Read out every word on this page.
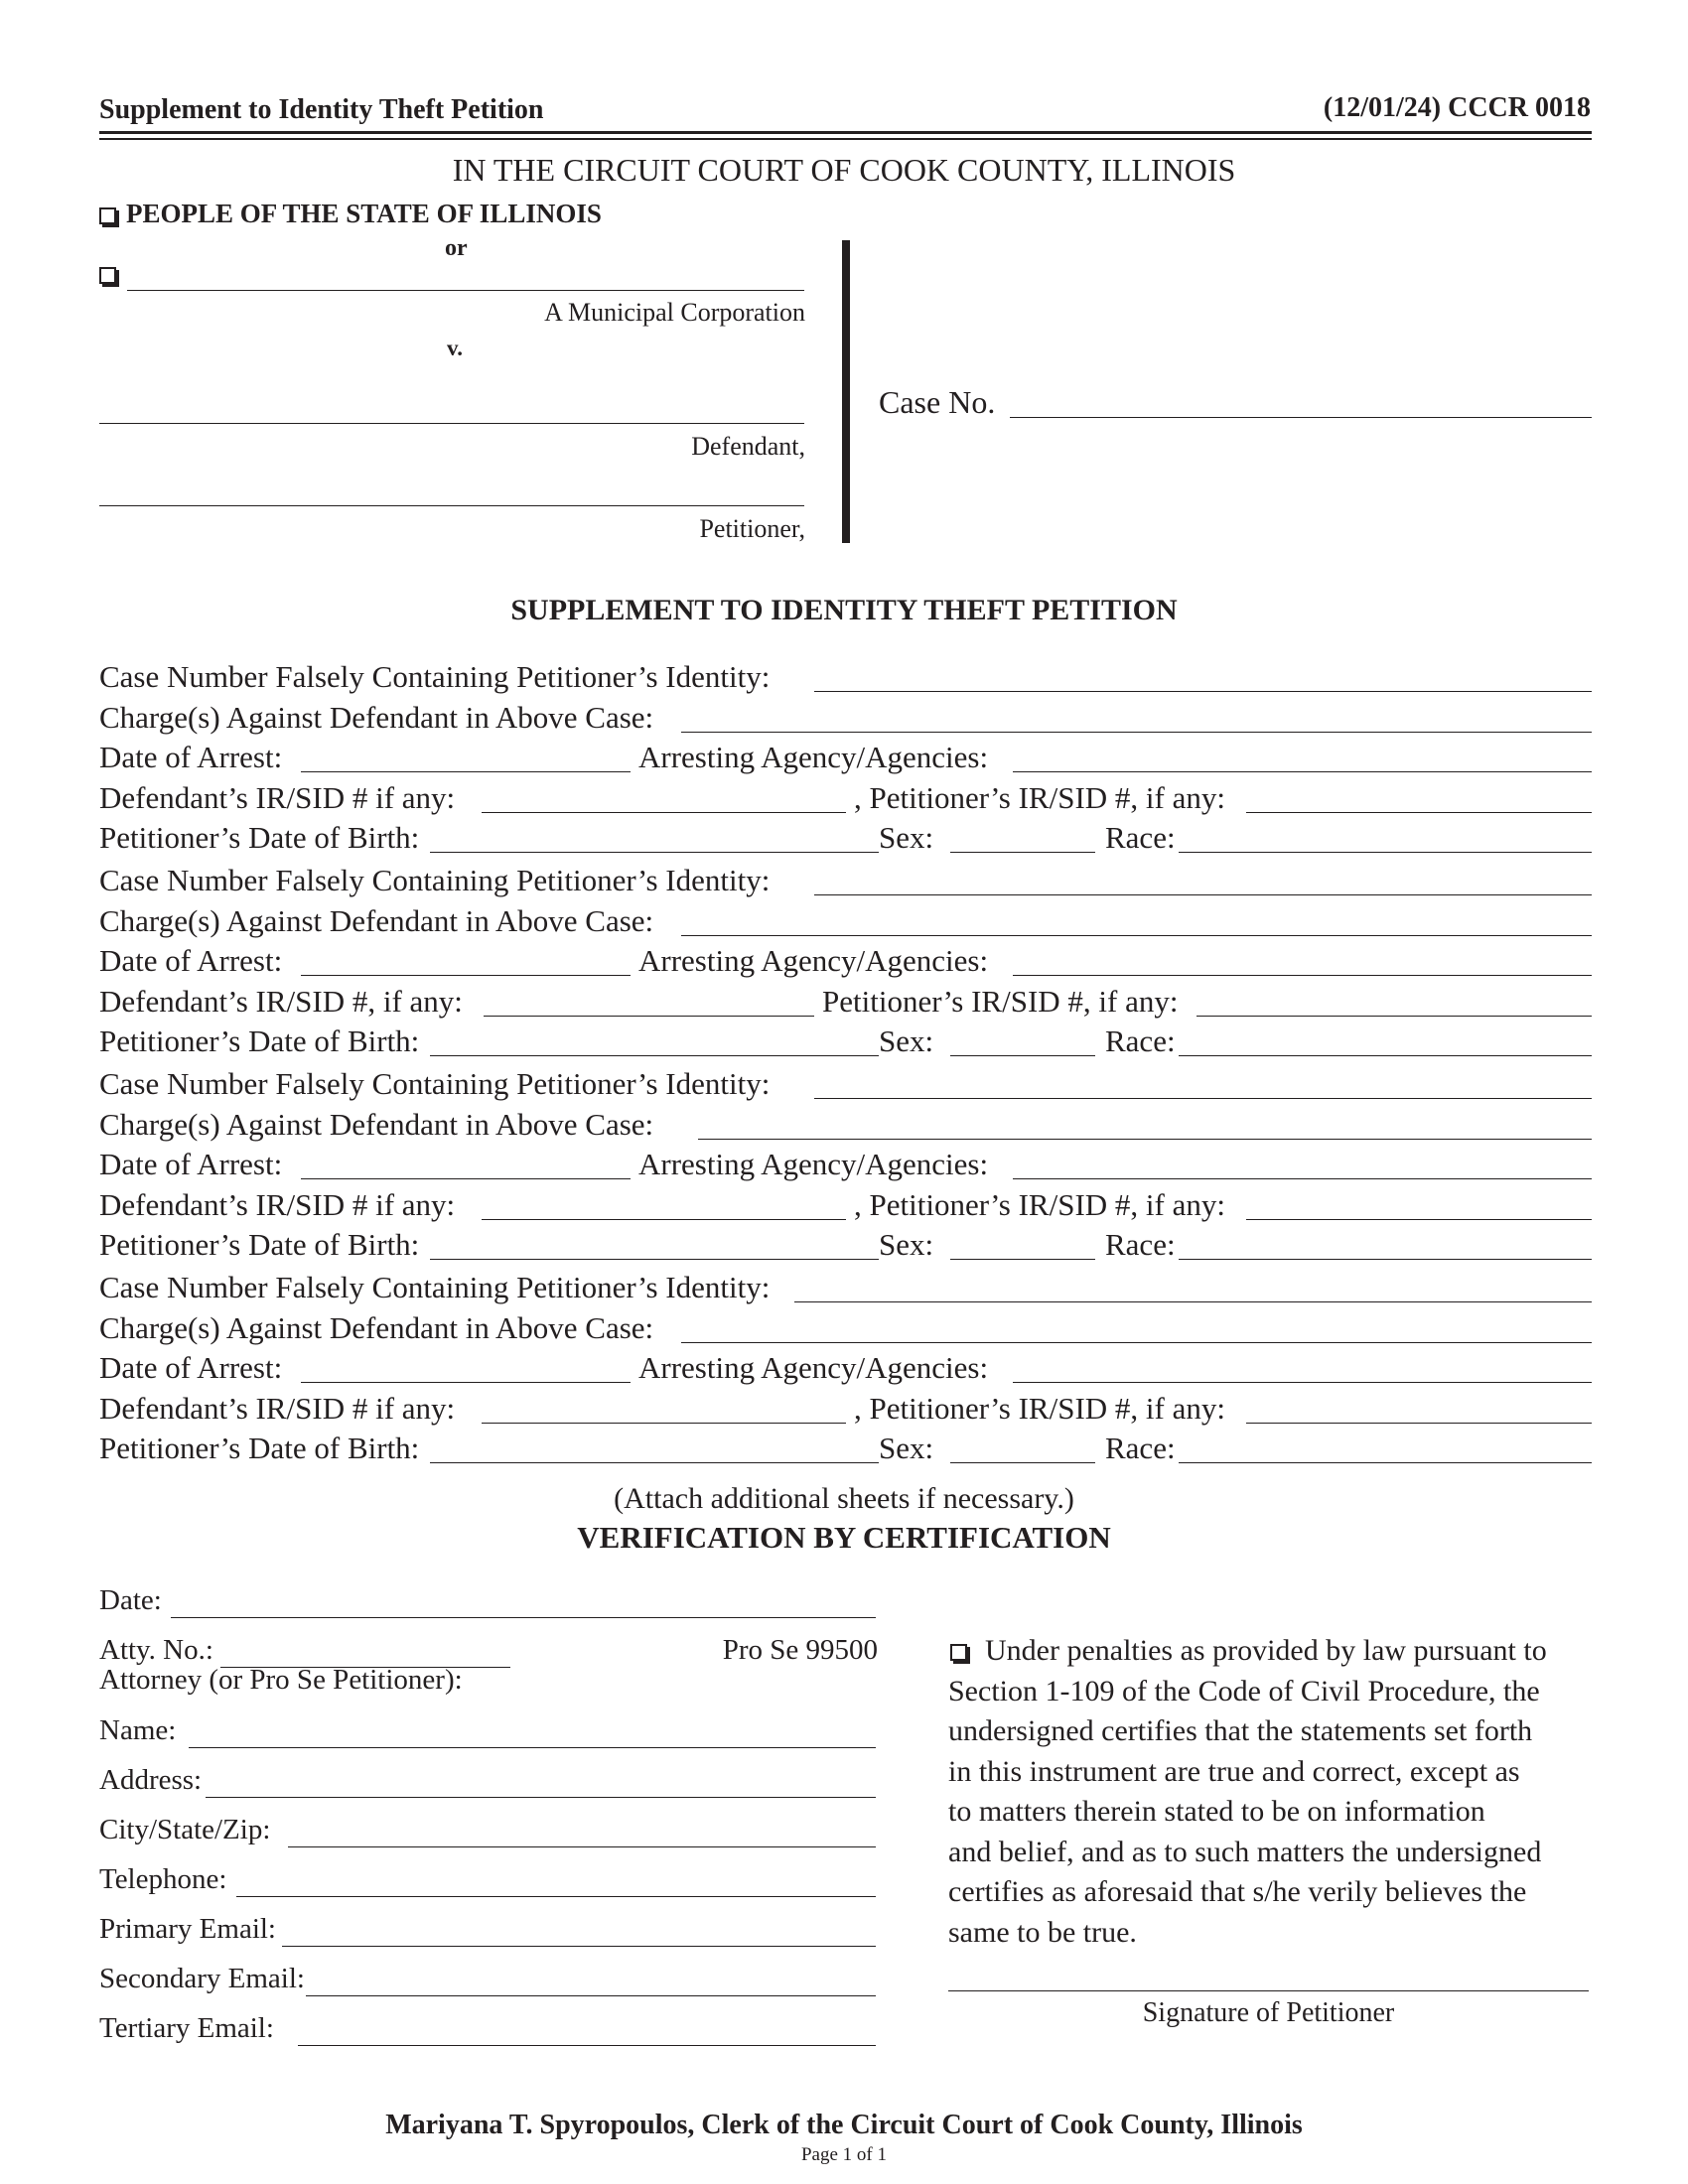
Supplement to Identity Theft Petition	(12/01/24) CCCR 0018
IN THE CIRCUIT COURT OF COOK COUNTY, ILLINOIS
PEOPLE OF THE STATE OF ILLINOIS
or
A Municipal Corporation
v.
Defendant,
Petitioner,
Case No.
SUPPLEMENT TO IDENTITY THEFT PETITION
Case Number Falsely Containing Petitioner’s Identity:
Charge(s) Against Defendant in Above Case:
Date of Arrest:	Arresting Agency/Agencies:
Defendant’s IR/SID # if any:	, Petitioner’s IR/SID #, if any:
Petitioner’s Date of Birth:	Sex:	Race:
Case Number Falsely Containing Petitioner’s Identity:
Charge(s) Against Defendant in Above Case:
Date of Arrest:	Arresting Agency/Agencies:
Defendant’s IR/SID #, if any:	Petitioner’s IR/SID #, if any:
Petitioner’s Date of Birth:	Sex:	Race:
Case Number Falsely Containing Petitioner’s Identity:
Charge(s) Against Defendant in Above Case:
Date of Arrest:	Arresting Agency/Agencies:
Defendant’s IR/SID # if any:	, Petitioner’s IR/SID #, if any:
Petitioner’s Date of Birth:	Sex:	Race:
Case Number Falsely Containing Petitioner’s Identity:
Charge(s) Against Defendant in Above Case:
Date of Arrest:	Arresting Agency/Agencies:
Defendant’s IR/SID # if any:	, Petitioner’s IR/SID #, if any:
Petitioner’s Date of Birth:	Sex:	Race:
(Attach additional sheets if necessary.)
VERIFICATION BY CERTIFICATION
Date:
Atty. No.:	Pro Se 99500
Attorney (or Pro Se Petitioner):
Name:
Address:
City/State/Zip:
Telephone:
Primary Email:
Secondary Email:
Tertiary Email:
Under penalties as provided by law pursuant to
Section 1-109 of the Code of Civil Procedure, the
undersigned certifies that the statements set forth
in this instrument are true and correct, except as
to matters therein stated to be on information
and belief, and as to such matters the undersigned
certifies as aforesaid that s/he verily believes the
same to be true.
Signature of Petitioner
Mariyana T. Spyropoulos, Clerk of the Circuit Court of Cook County, Illinois
Page 1 of 1
